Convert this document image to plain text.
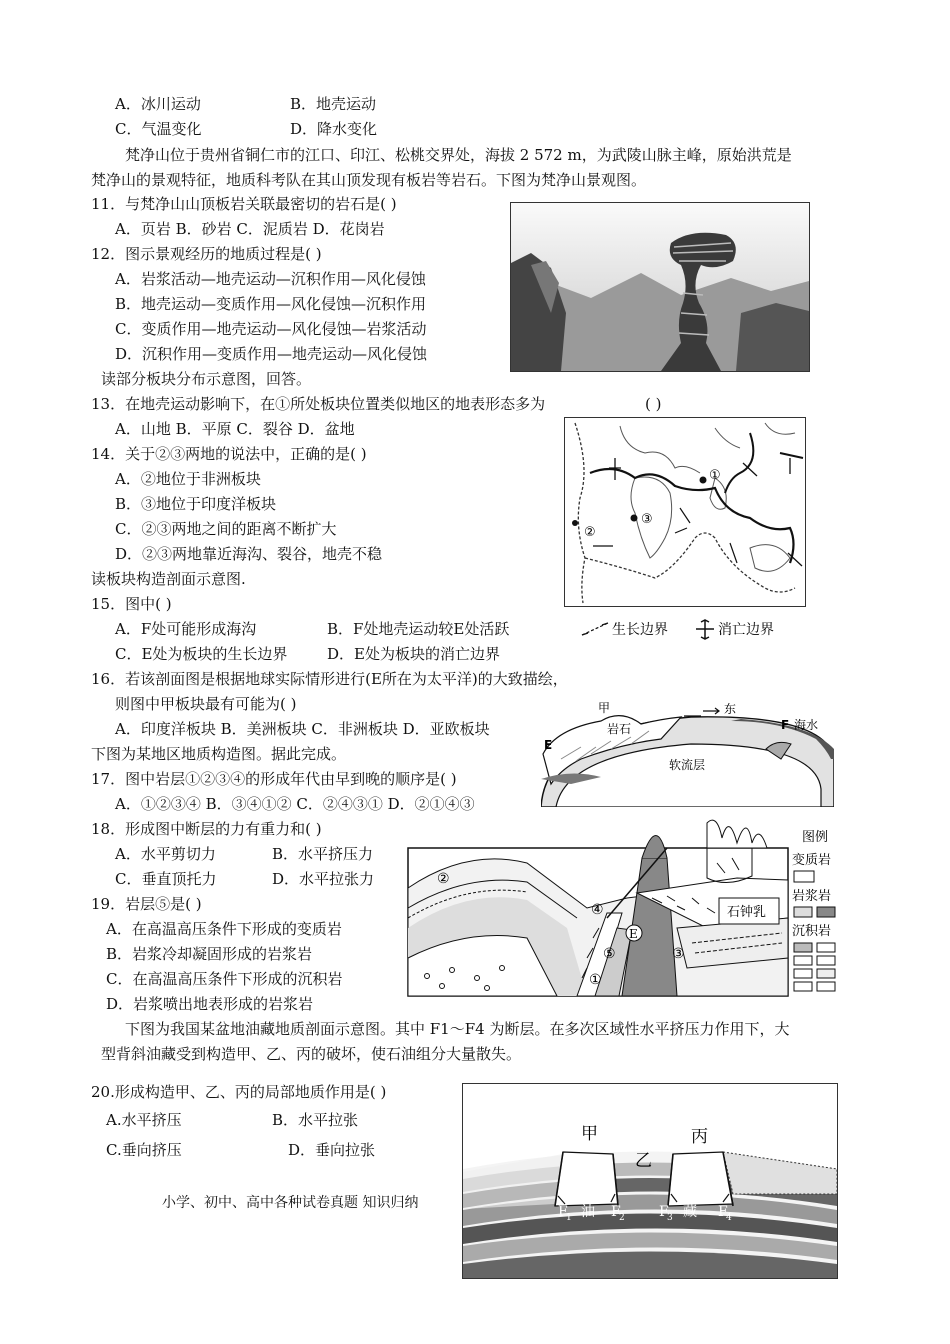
A．冰川运动	B．地壳运动
C．气温变化	D．降水变化
梵净山位于贵州省铜仁市的江口、印江、松桃交界处，海拔 2 572 m，为武陵山脉主峰，原始洪荒是
梵净山的景观特征，地质科考队在其山顶发现有板岩等岩石。下图为梵净山景观图。
11．与梵净山山顶板岩关联最密切的岩石是( )
A．页岩 B．砂岩 C．泥质岩 D．花岗岩
12．图示景观经历的地质过程是( )
A．岩浆活动—地壳运动—沉积作用—风化侵蚀
B．地壳运动—变质作用—风化侵蚀—沉积作用
C．变质作用—地壳运动—风化侵蚀—岩浆活动
D．沉积作用—变质作用—地壳运动—风化侵蚀
读部分板块分布示意图，回答。
13．在地壳运动影响下，在①所处板块位置类似地区的地表形态多为	( )
A．山地 B．平原 C．裂谷 D．盆地
14．关于②③两地的说法中，正确的是( )
A．②地位于非洲板块
B．③地位于印度洋板块
C．②③两地之间的距离不断扩大
D．②③两地靠近海沟、裂谷，地壳不稳
①
③
②
读板块构造剖面示意图.
15．图中( )
A．F处可能形成海沟	B．F处地壳运动较E处活跃
C．E处为板块的生长边界	D．E处为板块的消亡边界
生长边界	消亡边界
16．若该剖面图是根据地球实际情形进行(E所在为太平洋)的大致描绘，
则图中甲板块最有可能为( )
A．印度洋板块 B．美洲板块 C．非洲板块 D．亚欧板块
下图为某地区地质构造图。据此完成。
甲	东
岩石	F 海水
E
软流层
17．图中岩层①②③④的形成年代由早到晚的顺序是( )
A．①②③④ B．③④①② C．②④③① D．②①④③
18．形成图中断层的力有重力和( )
A．水平剪切力	B．水平挤压力
C．垂直顶托力	D．水平拉张力
19．岩层⑤是( )
A．在高温高压条件下形成的变质岩
B．岩浆冷却凝固形成的岩浆岩
C．在高温高压条件下形成的沉积岩
D．岩浆喷出地表形成的岩浆岩
石钟乳
②
④
③
⑤
①
E
图例
变质岩
岩浆岩
沉积岩
下图为我国某盆地油藏地质剖面示意图。其中 F1～F4 为断层。在多次区域性水平挤压力作用下，大
型背斜油藏受到构造甲、乙、丙的破坏，使石油组分大量散失。
20.形成构造甲、乙、丙的局部地质作用是( )
A.水平挤压	B．水平拉张
C.垂向挤压	D．垂向拉张
小学、初中、高中各种试卷真题 知识归纳
甲
乙
丙
F
1 油 F
2 F
3 藏 F
4
